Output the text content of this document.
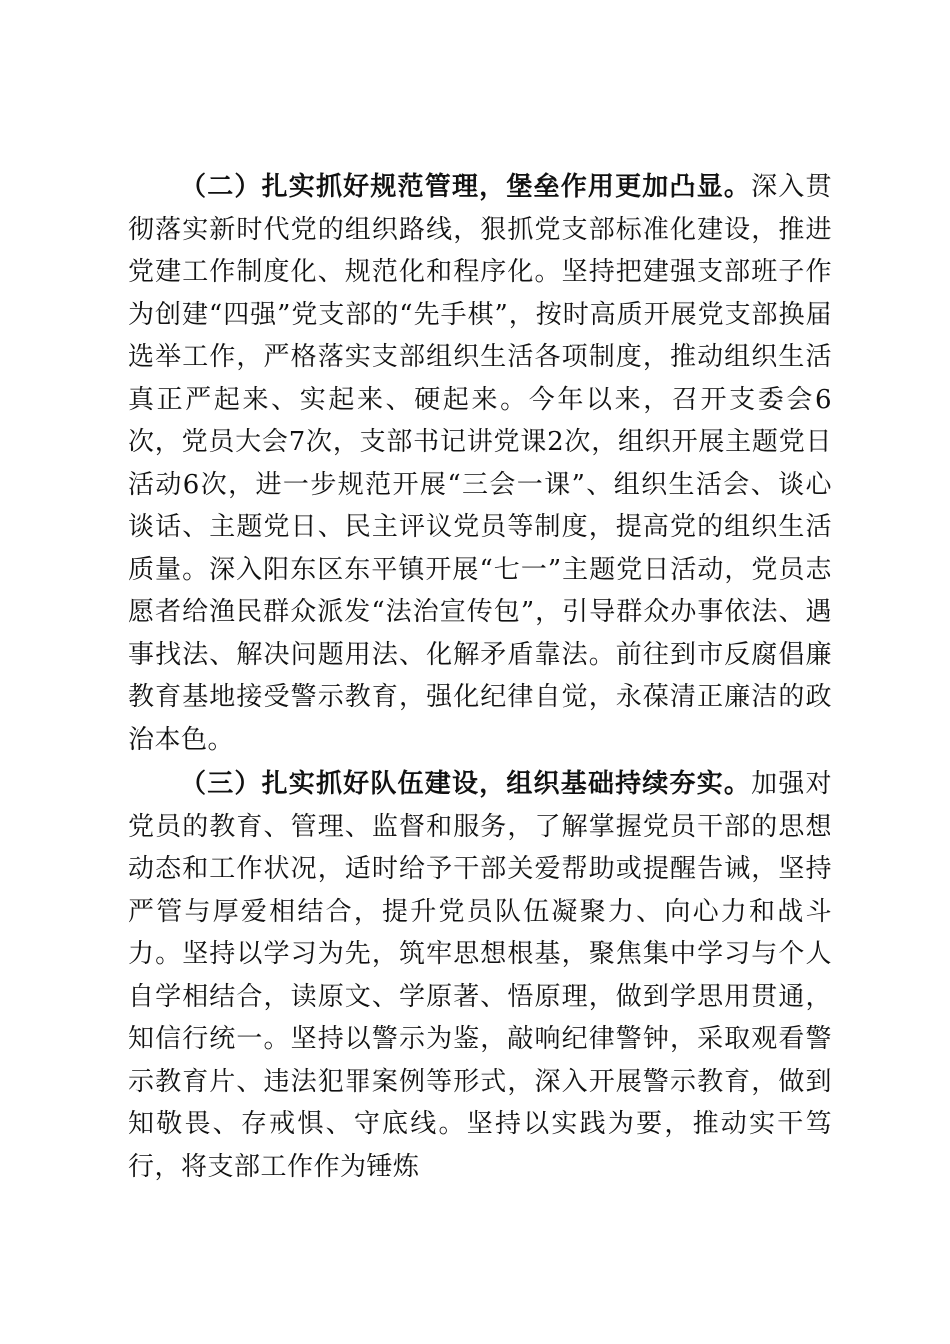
（二）扎实抓好规范管理，堡垒作用更加凸显。深入贯彻落实新时代党的组织路线，狠抓党支部标准化建设，推进党建工作制度化、规范化和程序化。坚持把建强支部班子作为创建“四强”党支部的“先手棋”，按时高质开展党支部换届选举工作，严格落实支部组织生活各项制度，推动组织生活真正严起来、实起来、硬起来。今年以来，召开支委会6次，党员大会7次，支部书记讲党课2次，组织开展主题党日活动6次，进一步规范开展“三会一课”、组织生活会、谈心谈话、主题党日、民主评议党员等制度，提高党的组织生活质量。深入阳东区东平镇开展“七一”主题党日活动，党员志愿者给渔民群众派发“法治宣传包”，引导群众办事依法、遇事找法、解决问题用法、化解矛盾靠法。前往到市反腐倡廉教育基地接受警示教育，强化纪律自觉，永葆清正廉洁的政治本色。

（三）扎实抓好队伍建设，组织基础持续夯实。加强对党员的教育、管理、监督和服务，了解掌握党员干部的思想动态和工作状况，适时给予干部关爱帮助或提醒告诫，坚持严管与厚爱相结合，提升党员队伍凝聚力、向心力和战斗力。坚持以学习为先，筑牢思想根基，聚焦集中学习与个人自学相结合，读原文、学原著、悟原理，做到学思用贯通，知信行统一。坚持以警示为鉴，敲响纪律警钟，采取观看警示教育片、违法犯罪案例等形式，深入开展警示教育，做到知敬畏、存戒惧、守底线。坚持以实践为要，推动实干笃行，将支部工作作为锤炼
